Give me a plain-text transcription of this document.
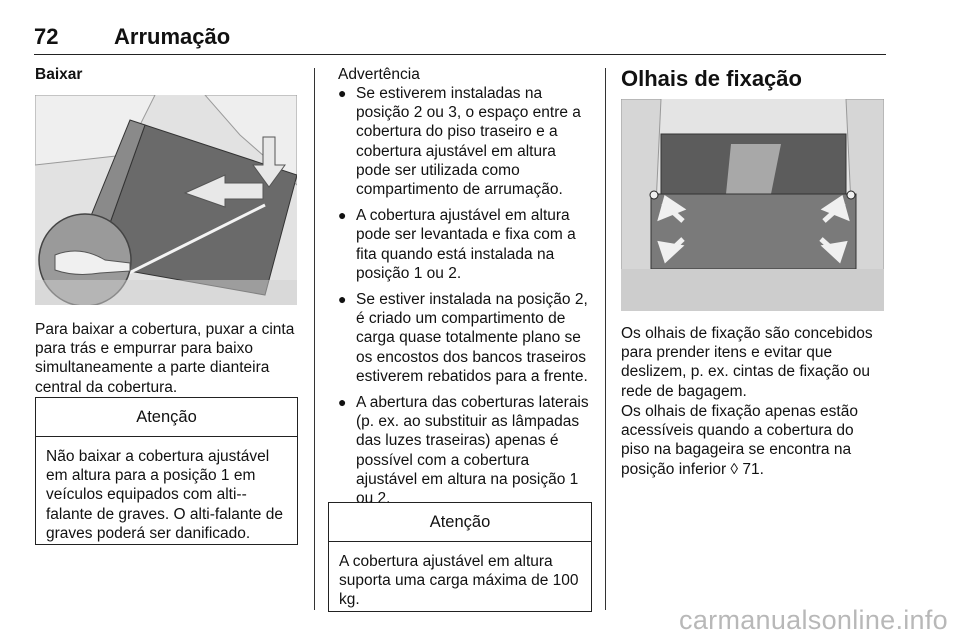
72	Arrumação
Baixar

Para baixar a cobertura, puxar a cinta para trás e empurrar para baixo simultaneamente a parte dianteira central da cobertura.

Atenção
Não baixar a cobertura ajustável em altura para a posição 1 em veículos equipados com alti--falante de graves. O alti-falante de graves poderá ser danificado.
Advertência
● Se estiverem instaladas na posição 2 ou 3, o espaço entre a cobertura do piso traseiro e a cobertura ajustável em altura pode ser utilizada como compartimento de arrumação.
● A cobertura ajustável em altura pode ser levantada e fixa com a fita quando está instalada na posição 1 ou 2.
● Se estiver instalada na posição 2, é criado um compartimento de carga quase totalmente plano se os encostos dos bancos traseiros estiverem rebatidos para a frente.
● A abertura das coberturas laterais (p. ex. ao substituir as lâmpadas das luzes traseiras) apenas é possível com a cobertura ajustável em altura na posição 1 ou 2.
Atenção
A cobertura ajustável em altura suporta uma carga máxima de 100 kg.
Olhais de fixação

Os olhais de fixação são concebidos para prender itens e evitar que deslizem, p. ex. cintas de fixação ou rede de bagagem.

Os olhais de fixação apenas estão acessíveis quando a cobertura do piso na bagageira se encontra na posição inferior ◊ 71.

carmanualsonline.info
